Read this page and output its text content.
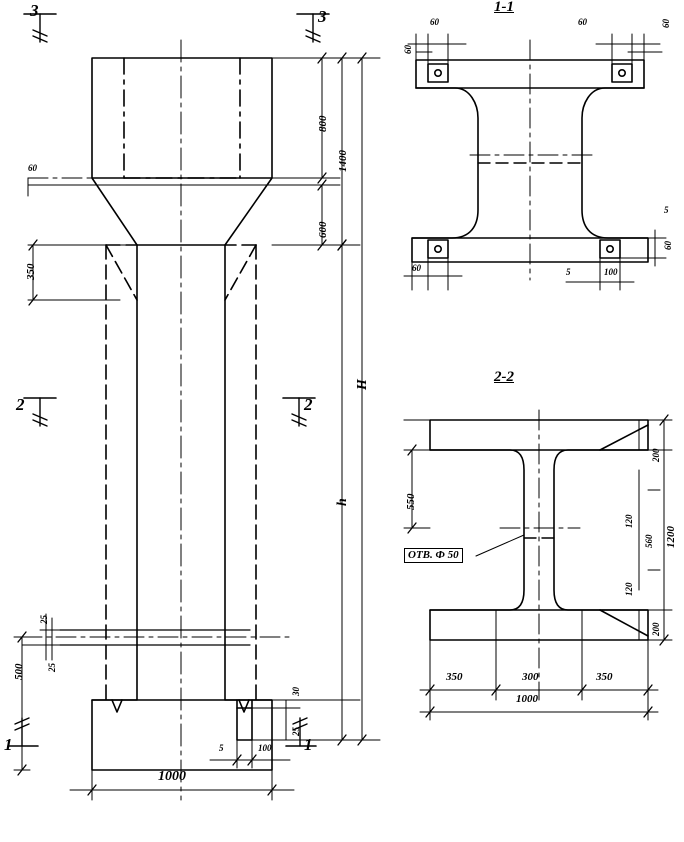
3	3
2	2
1	1
1-1
2-2
800
1400
600
350
H
h
500
60
25
25
30
25
1000
5	100
60
60
60	60
60	5	100
5
60
550
ОТВ. Ф 50
200
120
560
120
200
1200
350	300	350
1000
